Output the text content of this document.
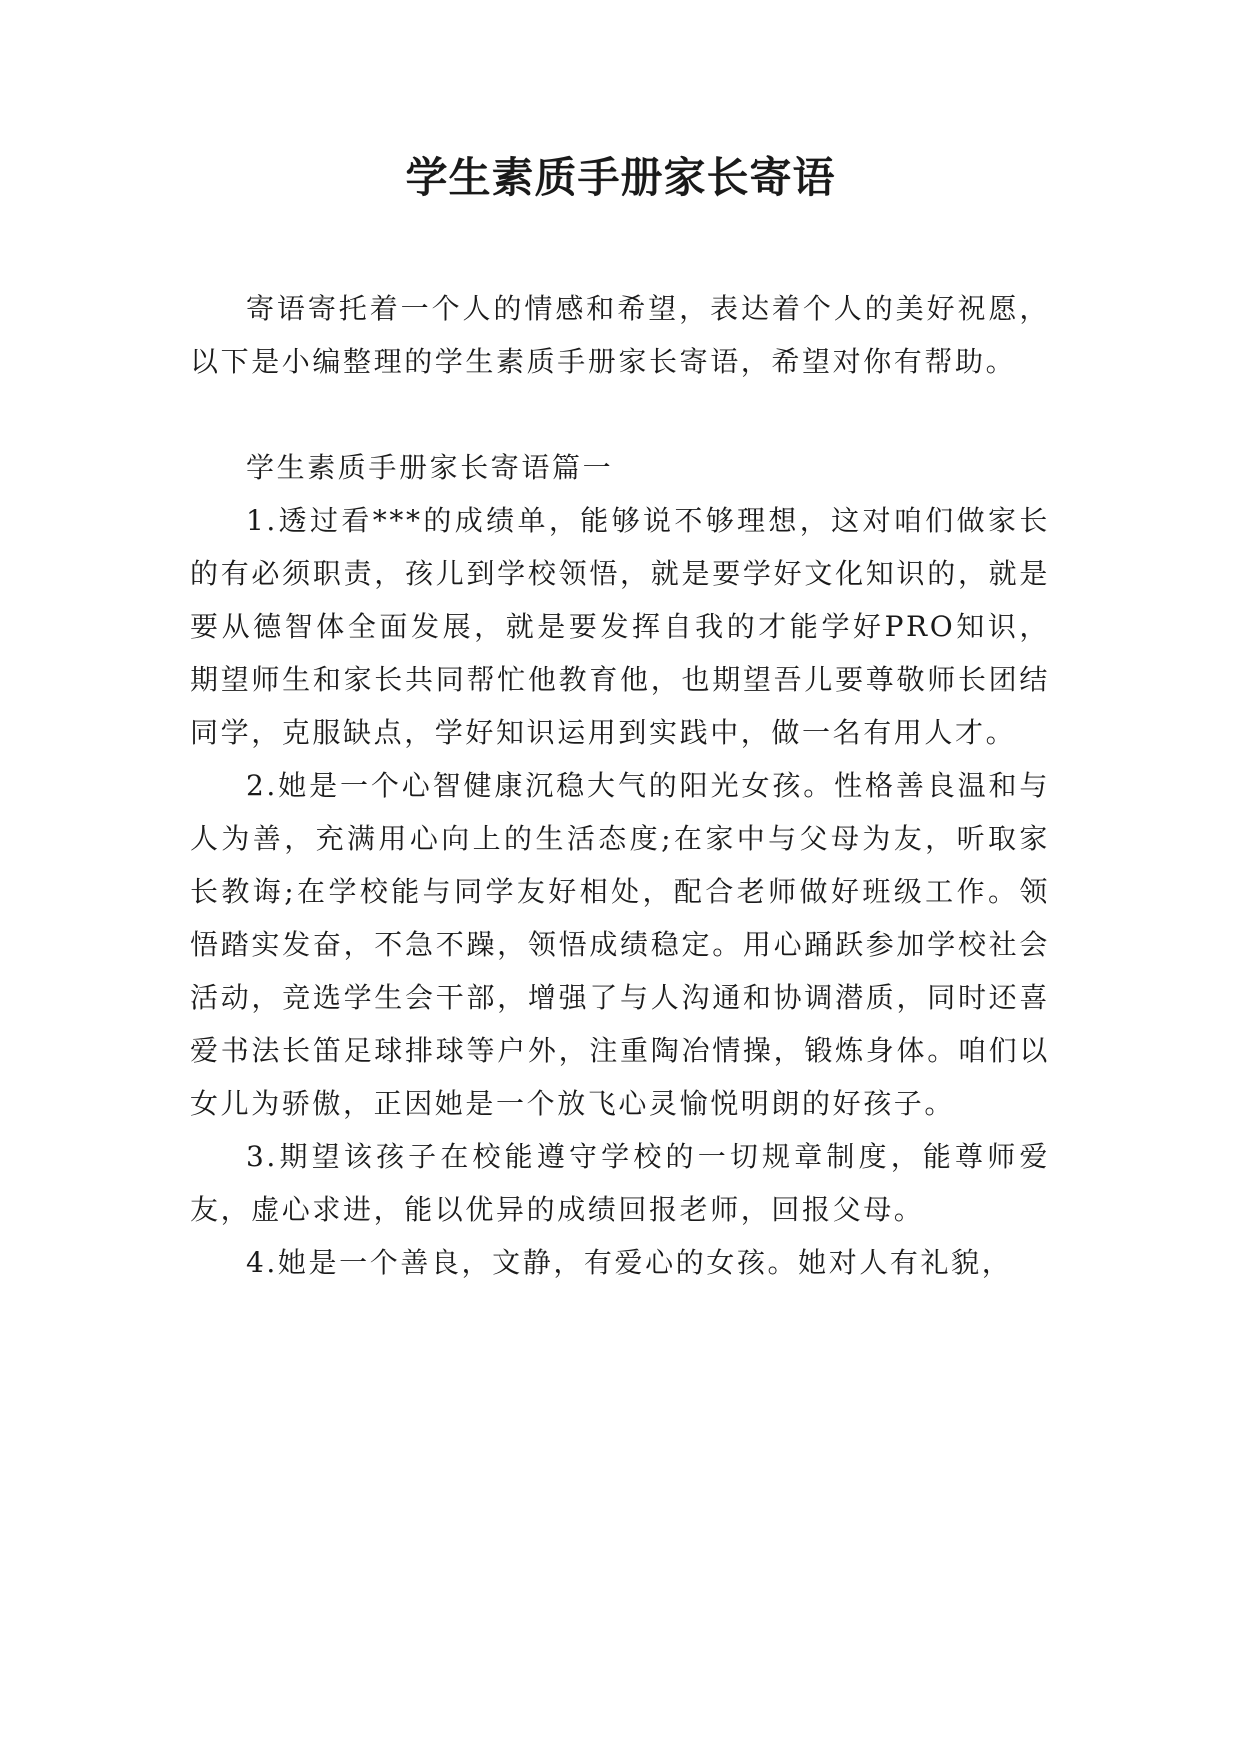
学生素质手册家长寄语

寄语寄托着一个人的情感和希望，表达着个人的美好祝愿，以下是小编整理的学生素质手册家长寄语，希望对你有帮助。

学生素质手册家长寄语篇一

1.透过看***的成绩单，能够说不够理想，这对咱们做家长的有必须职责，孩儿到学校领悟，就是要学好文化知识的，就是要从德智体全面发展，就是要发挥自我的才能学好PRO知识，期望师生和家长共同帮忙他教育他，也期望吾儿要尊敬师长团结同学，克服缺点，学好知识运用到实践中，做一名有用人才。

2.她是一个心智健康沉稳大气的阳光女孩。性格善良温和与人为善，充满用心向上的生活态度;在家中与父母为友，听取家长教诲;在学校能与同学友好相处，配合老师做好班级工作。领悟踏实发奋，不急不躁，领悟成绩稳定。用心踊跃参加学校社会活动，竞选学生会干部，增强了与人沟通和协调潜质，同时还喜爱书法长笛足球排球等户外，注重陶冶情操，锻炼身体。咱们以女儿为骄傲，正因她是一个放飞心灵愉悦明朗的好孩子。

3.期望该孩子在校能遵守学校的一切规章制度，能尊师爱友，虚心求进，能以优异的成绩回报老师，回报父母。

4.她是一个善良，文静，有爱心的女孩。她对人有礼貌，
